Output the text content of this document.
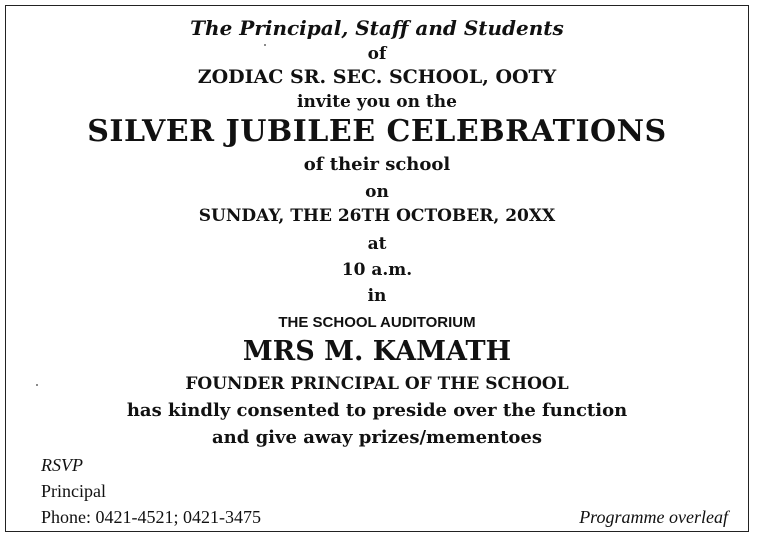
The Principal, Staff and Students
of
ZODIAC SR. SEC. SCHOOL, OOTY
invite you on the
SILVER JUBILEE CELEBRATIONS
of their school
on
SUNDAY, THE 26TH OCTOBER, 20XX
at
10 a.m.
in
THE SCHOOL AUDITORIUM
MRS M. KAMATH
FOUNDER PRINCIPAL OF THE SCHOOL
has kindly consented to preside over the function
and give away prizes/mementoes
RSVP
Principal
Phone: 0421-4521; 0421-3475	Programme overleaf
